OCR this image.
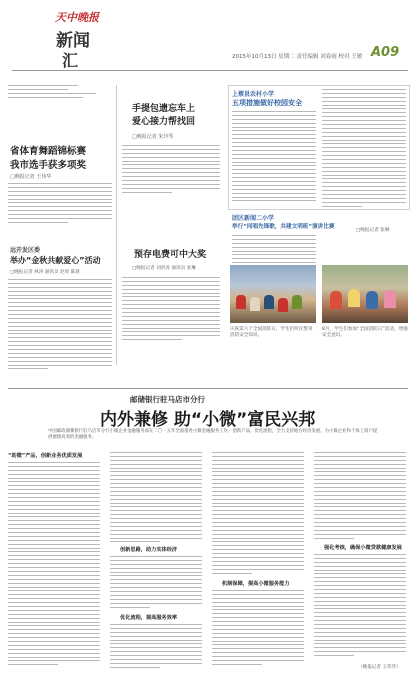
天中晚报
新闻
汇	2015年10月13日 星期二 责任编辑 刘春雨 校对 王敏 A09
省体育舞蹈锦标赛
我市选手获多项奖
□晚报记者 王伟华
远开发区委
举办“金秋共献爱心”活动
□晚报记者 林涛 通讯员 赵勇 陈晨
手提包遗忘车上
爱心接力帮找回
□晚报记者 朱玲琴
预存电费可中大奖
□晚报记者 刘洪涛 通讯员 张琳
上蔡县农村小学
五项措施做好校园安全
团区新闻二小学
举行“同唱先锋歌，共建文明班”演讲比赛
□晚报记者 张琳
庆祝第六个全国消防日，学生们听民警讲消防安全知识。
8月，学生们参加“全国消防日”活动，增强安全意识。
邮储银行驻马店市分行
内外兼修 助“小微”富民兴邦
中国邮政储蓄银行驻马店市分行小微企业金融服务部在二〇一五年全面推进小微金融服务工作，创新产品，优化流程，全力支持地方经济发展，为小微企业和个体工商户提供便捷高效的金融服务。
“助微”产品，创新业务优质发展
创新思路，助力实体经济
优化流程，提高服务效率
机制保障，提高小微服务能力
强化考核，确保小微贷款健康发展
（晚报记者 王伟华）
